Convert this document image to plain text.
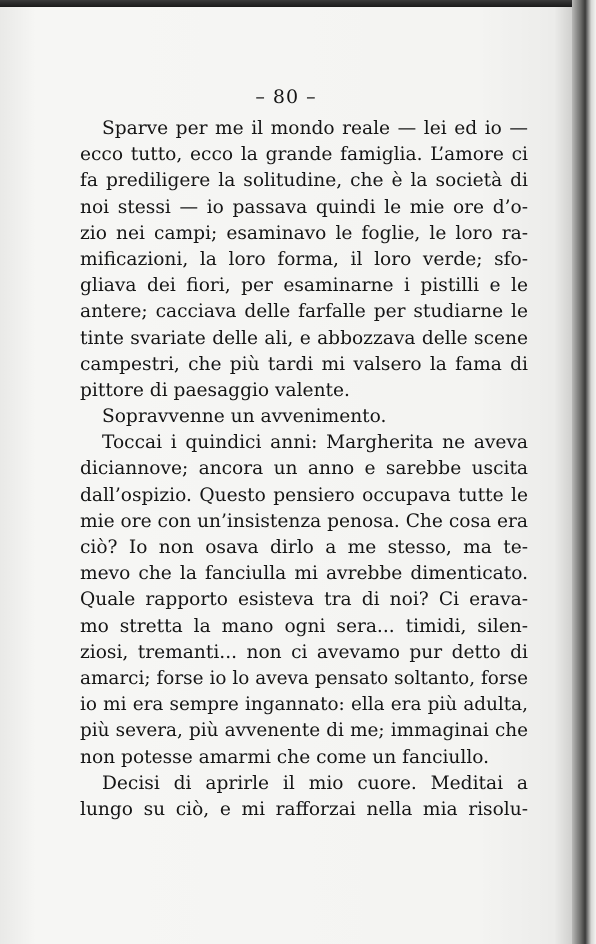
– 80 –
Sparve per me il mondo reale — lei ed io —
ecco tutto, ecco la grande famiglia. L’amore ci
fa prediligere la solitudine, che è la società di
noi stessi — io passava quindi le mie ore d’o-
zio nei campi; esaminavo le foglie, le loro ra-
mificazioni, la loro forma, il loro verde; sfo-
gliava dei fiori, per esaminarne i pistilli e le
antere; cacciava delle farfalle per studiarne le
tinte svariate delle ali, e abbozzava delle scene
campestri, che più tardi mi valsero la fama di
pittore di paesaggio valente.
Sopravvenne un avvenimento.
Toccai i quindici anni: Margherita ne aveva
diciannove; ancora un anno e sarebbe uscita
dall’ospizio. Questo pensiero occupava tutte le
mie ore con un’insistenza penosa. Che cosa era
ciò? Io non osava dirlo a me stesso, ma te-
mevo che la fanciulla mi avrebbe dimenticato.
Quale rapporto esisteva tra di noi? Ci erava-
mo stretta la mano ogni sera... timidi, silen-
ziosi, tremanti... non ci avevamo pur detto di
amarci; forse io lo aveva pensato soltanto, forse
io mi era sempre ingannato: ella era più adulta,
più severa, più avvenente di me; immaginai che
non potesse amarmi che come un fanciullo.
Decisi di aprirle il mio cuore. Meditai a
lungo su ciò, e mi rafforzai nella mia risolu-
